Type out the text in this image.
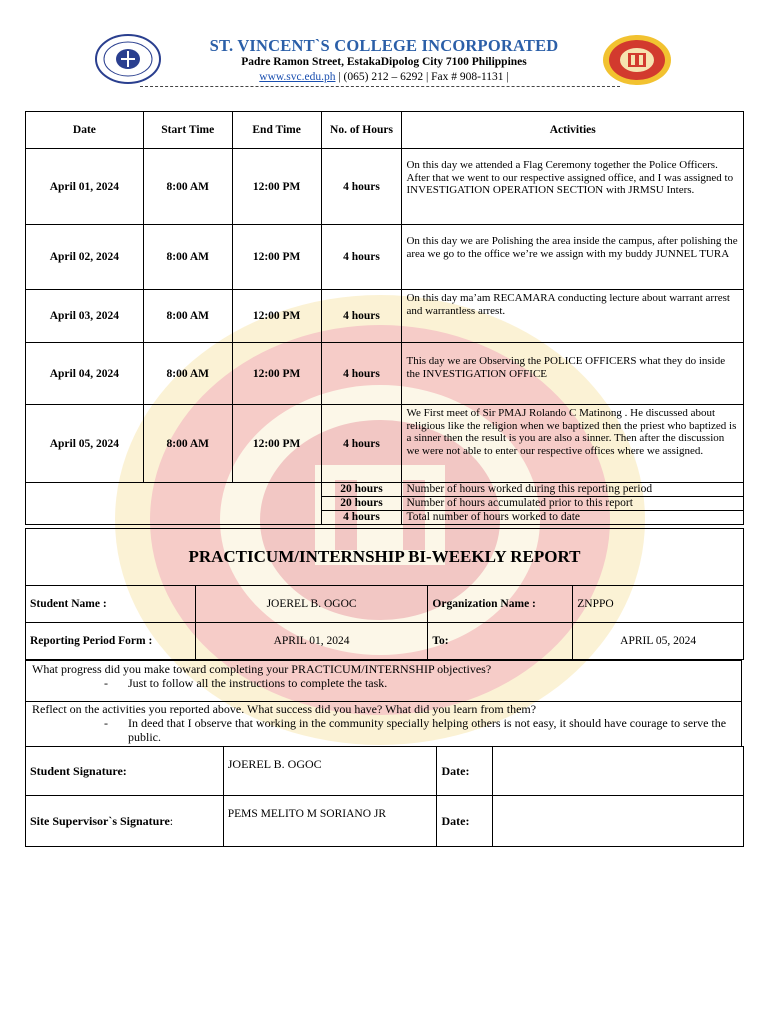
ST. VINCENT`S COLLEGE INCORPORATED
Padre Ramon Street, EstakaDipolog City 7100 Philippines
www.svc.edu.ph | (065) 212 – 6292 | Fax # 908-1131 |
Date	Start Time	End Time	No. of Hours	Activities
April 01, 2024	8:00 AM	12:00 PM	4 hours	On this day we attended a Flag Ceremony together the Police Officers. After that we went to our respective assigned office, and I was assigned to INVESTIGATION OPERATION SECTION with JRMSU Inters.
April 02, 2024	8:00 AM	12:00 PM	4 hours	On this day we are Polishing the area inside the campus, after polishing the area we go to the office we’re we assign with my buddy JUNNEL TURA
April 03, 2024	8:00 AM	12:00 PM	4 hours	On this day ma’am RECAMARA conducting lecture about warrant arrest and warrantless arrest.
April 04, 2024	8:00 AM	12:00 PM	4 hours	This day we are Observing the POLICE OFFICERS what they do inside the INVESTIGATION OFFICE
April 05, 2024	8:00 AM	12:00 PM	4 hours	We First meet of Sir PMAJ Rolando C Matinong . He discussed about religious like the religion when we baptized then the priest who baptized is a sinner then the result is you are also a sinner. Then after the discussion we were not able to enter our respective offices where we assigned.
			20 hours	Number of hours worked during this reporting period
			20 hours	Number of hours accumulated prior to this report
			4 hours	Total number of hours worked to date
PRACTICUM/INTERNSHIP BI-WEEKLY REPORT
Student Name :	JOEREL B. OGOC	Organization Name :	ZNPPO
Reporting Period Form :	APRIL 01, 2024	To:	APRIL 05, 2024
What progress did you make toward completing your PRACTICUM/INTERNSHIP objectives?
-	Just to follow all the instructions to complete the task.
Reflect on the activities you reported above. What success did you have? What did you learn from them?
-	In deed that I observe that working in the community specially helping others is not easy, it should have courage to serve the public.
Student Signature:	JOEREL B. OGOC	Date:	
Site Supervisor`s Signature:	PEMS MELITO M SORIANO JR	Date:	
